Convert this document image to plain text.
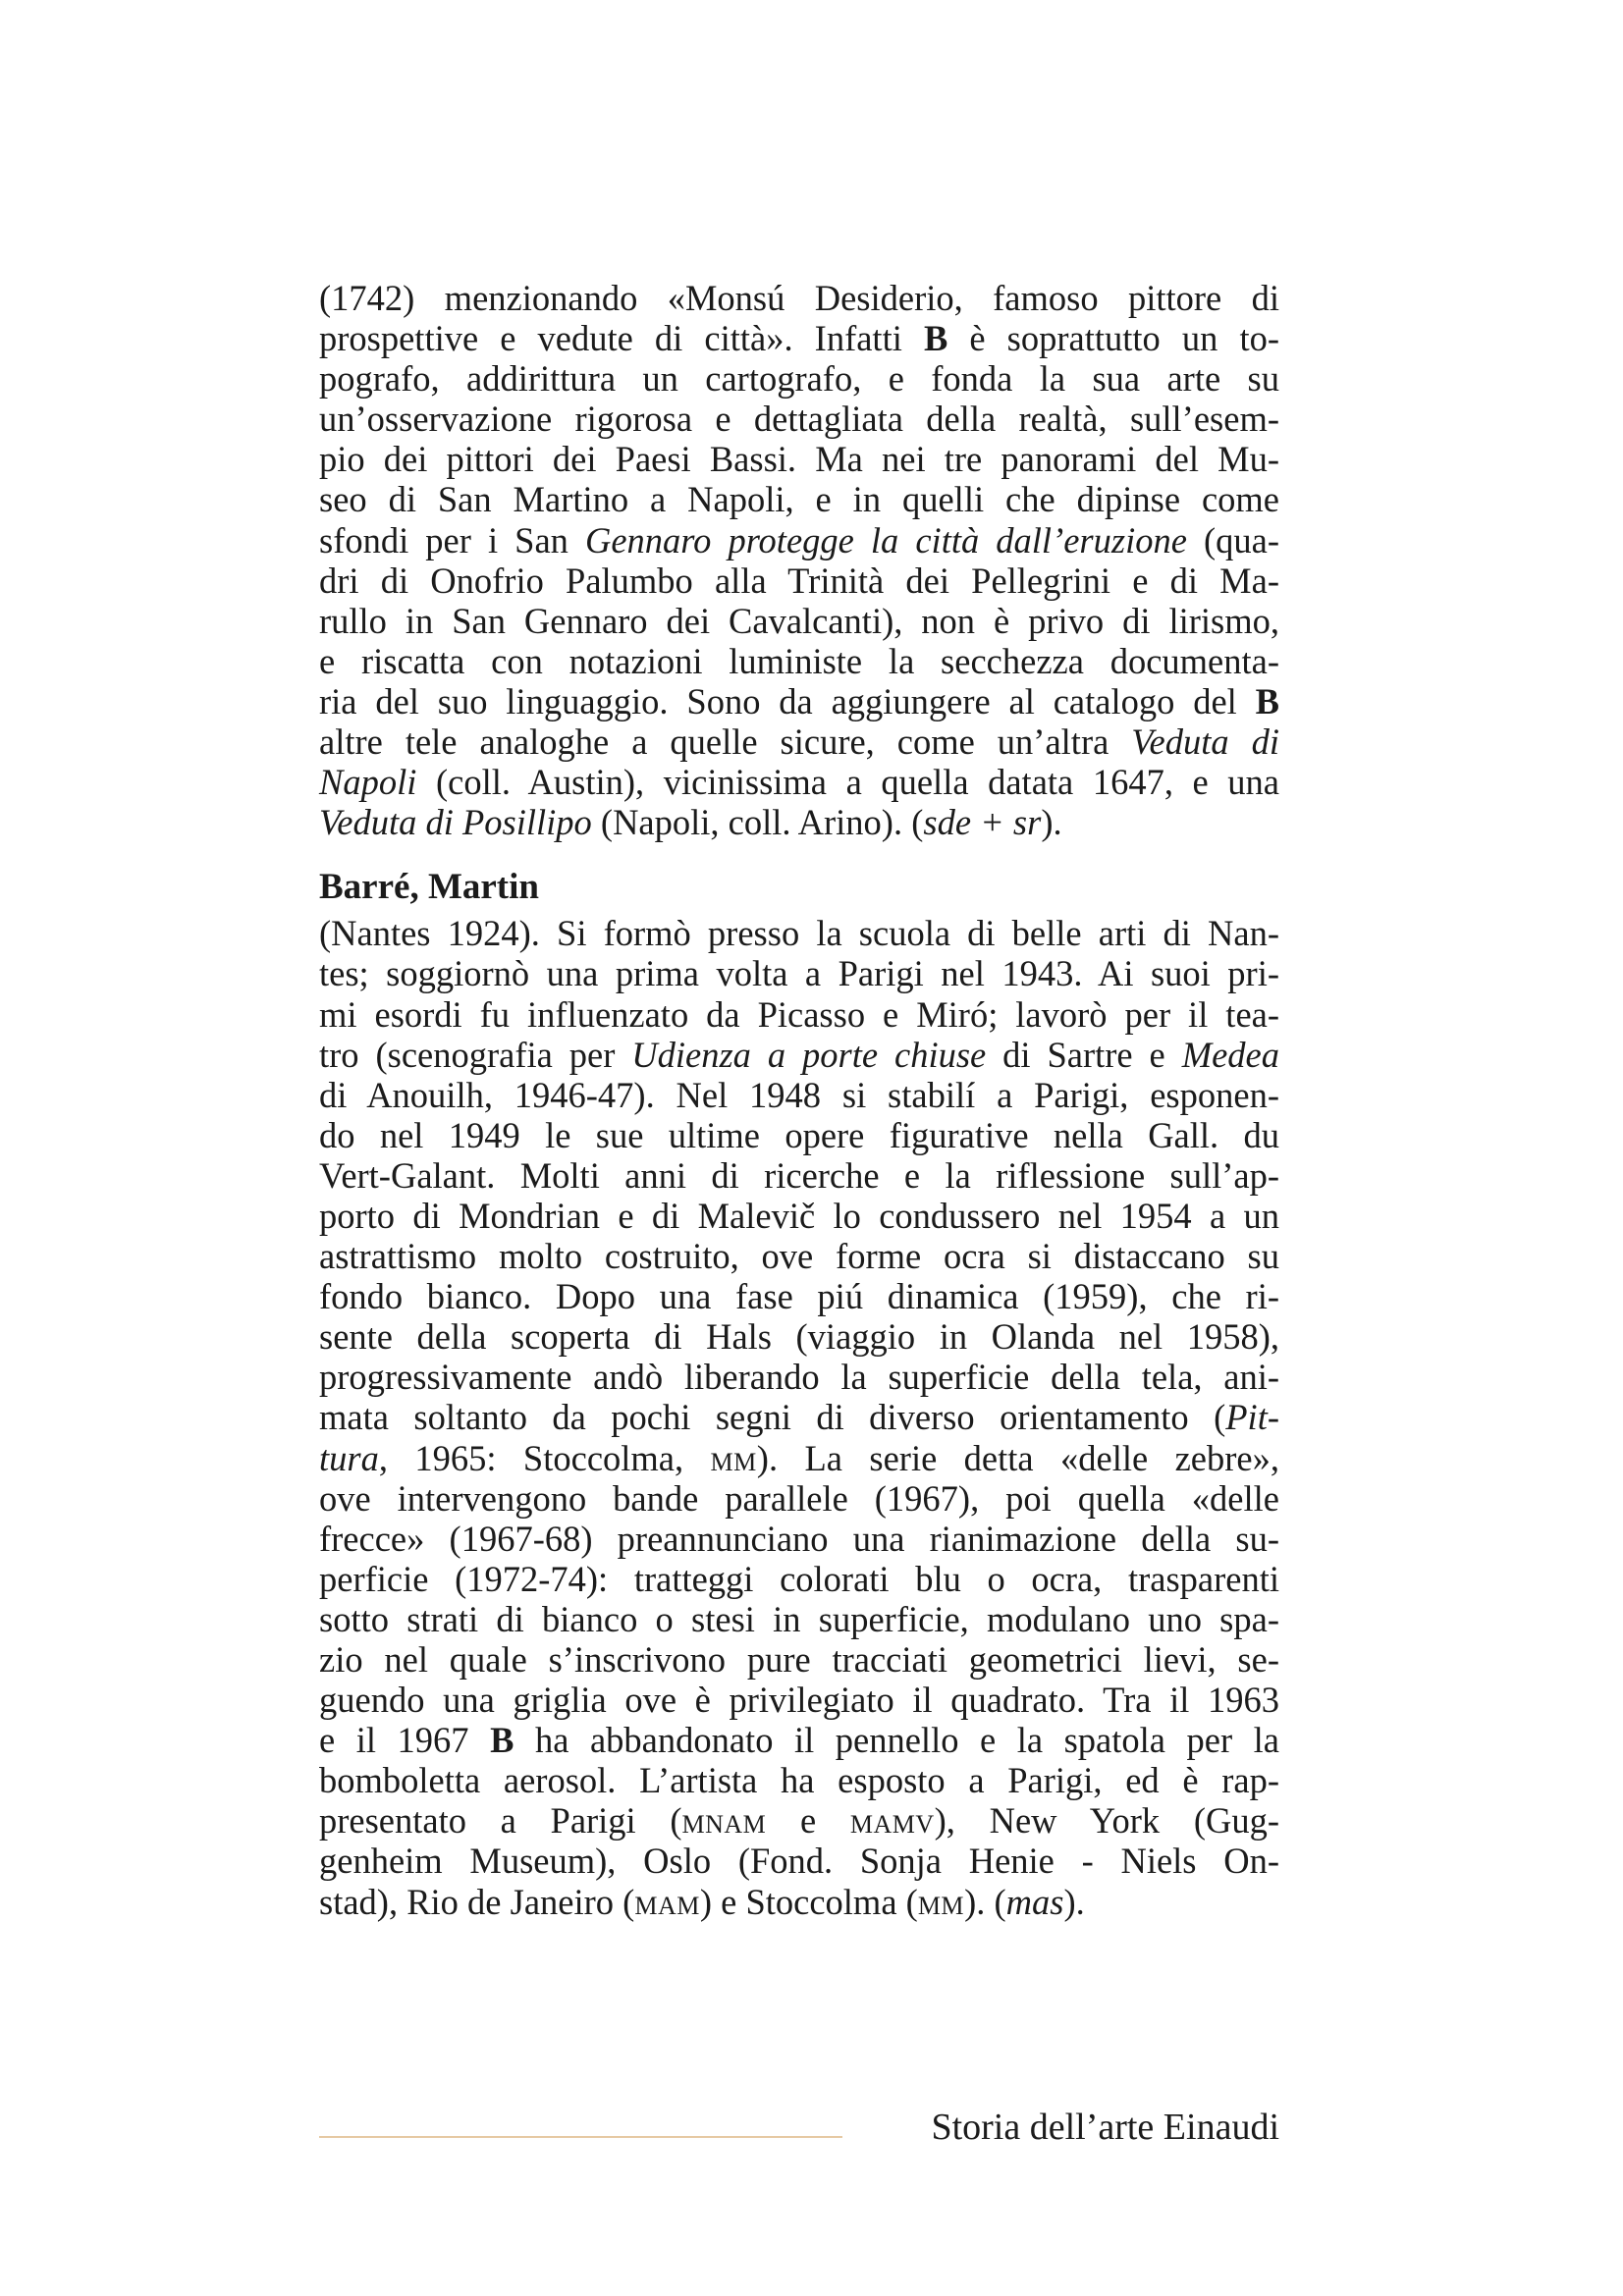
(1742) menzionando «Monsú Desiderio, famoso pittore di
prospettive e vedute di città». Infatti B è soprattutto un to-
pografo, addirittura un cartografo, e fonda la sua arte su
un’osservazione rigorosa e dettagliata della realtà, sull’esem-
pio dei pittori dei Paesi Bassi. Ma nei tre panorami del Mu-
seo di San Martino a Napoli, e in quelli che dipinse come
sfondi per i San Gennaro protegge la città dall’eruzione (qua-
dri di Onofrio Palumbo alla Trinità dei Pellegrini e di Ma-
rullo in San Gennaro dei Cavalcanti), non è privo di lirismo,
e riscatta con notazioni luministe la secchezza documenta-
ria del suo linguaggio. Sono da aggiungere al catalogo del B
altre tele analoghe a quelle sicure, come un’altra Veduta di
Napoli (coll. Austin), vicinissima a quella datata 1647, e una
Veduta di Posillipo (Napoli, coll. Arino). (sde + sr).
Barré, Martin
(Nantes 1924). Si formò presso la scuola di belle arti di Nan-
tes; soggiornò una prima volta a Parigi nel 1943. Ai suoi pri-
mi esordi fu influenzato da Picasso e Miró; lavorò per il tea-
tro (scenografia per Udienza a porte chiuse di Sartre e Medea
di Anouilh, 1946-47). Nel 1948 si stabilí a Parigi, esponen-
do nel 1949 le sue ultime opere figurative nella Gall. du
Vert-Galant. Molti anni di ricerche e la riflessione sull’ap-
porto di Mondrian e di Malevič lo condussero nel 1954 a un
astrattismo molto costruito, ove forme ocra si distaccano su
fondo bianco. Dopo una fase piú dinamica (1959), che ri-
sente della scoperta di Hals (viaggio in Olanda nel 1958),
progressivamente andò liberando la superficie della tela, ani-
mata soltanto da pochi segni di diverso orientamento (Pit-
tura, 1965: Stoccolma, mm). La serie detta «delle zebre»,
ove intervengono bande parallele (1967), poi quella «delle
frecce» (1967-68) preannunciano una rianimazione della su-
perficie (1972-74): tratteggi colorati blu o ocra, trasparenti
sotto strati di bianco o stesi in superficie, modulano uno spa-
zio nel quale s’inscrivono pure tracciati geometrici lievi, se-
guendo una griglia ove è privilegiato il quadrato. Tra il 1963
e il 1967 B ha abbandonato il pennello e la spatola per la
bomboletta aerosol. L’artista ha esposto a Parigi, ed è rap-
presentato a Parigi (mnam e mamv), New York (Gug-
genheim Museum), Oslo (Fond. Sonja Henie - Niels On-
stad), Rio de Janeiro (mam) e Stoccolma (mm). (mas).
Storia dell’arte Einaudi
